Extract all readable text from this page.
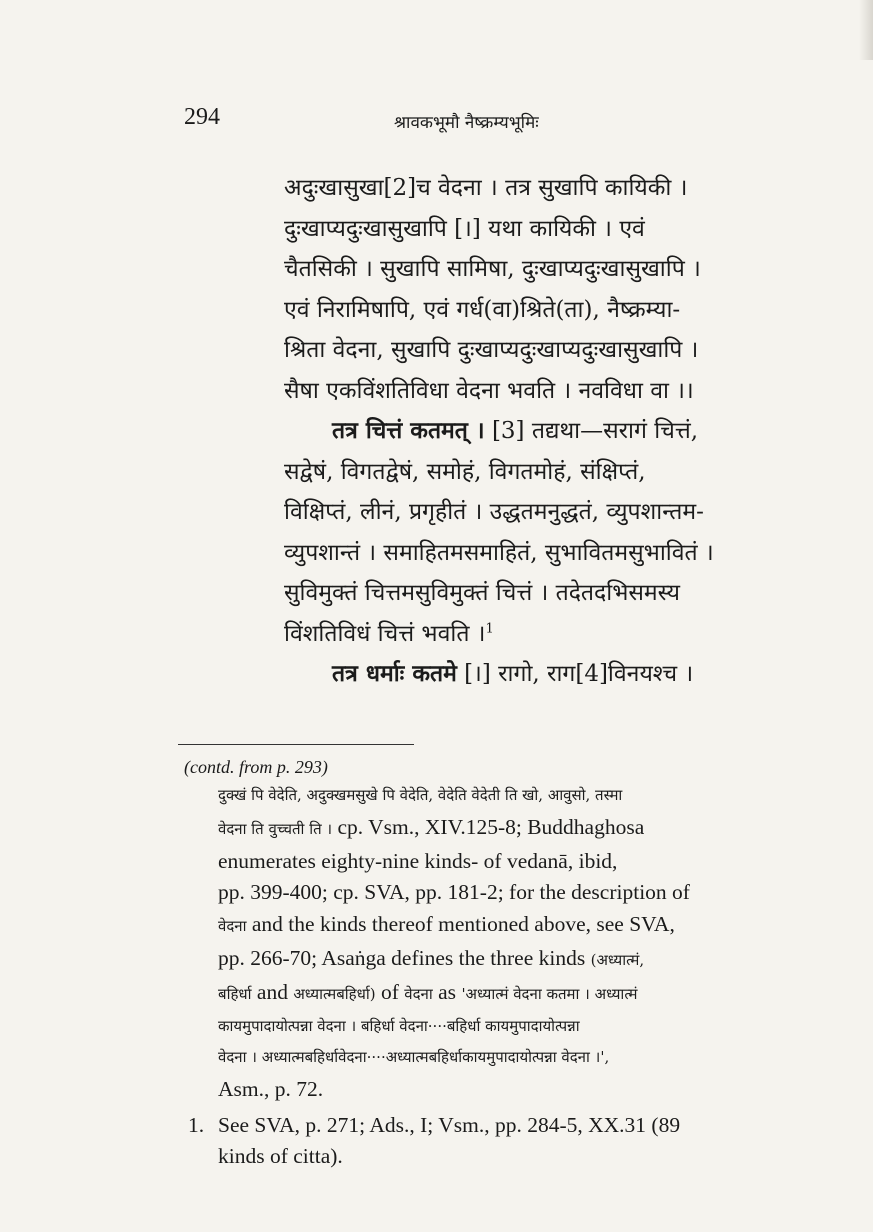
294	श्रावकभूमौ नैष्क्रम्यभूमिः
अदुःखासुखा[2]च वेदना । तत्र सुखापि कायिकी ।
दुःखाप्यदुःखासुखापि [।] यथा कायिकी । एवं
चैतसिकी । सुखापि सामिषा, दुःखाप्यदुःखासुखापि ।
एवं निरामिषापि, एवं गर्ध(वा)श्रिते(ता), नैष्क्रम्या-
श्रिता वेदना, सुखापि दुःखाप्यदुःखाप्यदुःखासुखापि ।
सैषा एकविंशतिविधा वेदना भवति । नवविधा वा ।।
तत्र चित्तं कतमत् । [3] तद्यथा—सरागं चित्तं,
सद्वेषं, विगतद्वेषं, समोहं, विगतमोहं, संक्षिप्तं,
विक्षिप्तं, लीनं, प्रगृहीतं । उद्धतमनुद्धतं, व्युपशान्तम-
व्युपशान्तं । समाहितमसमाहितं, सुभावितमसुभावितं ।
सुविमुक्तं चित्तमसुविमुक्तं चित्तं । तदेतदभिसमस्य
विंशतिविधं चित्तं भवति ।$^1$
तत्र धर्माः कतमे [।] रागो, राग[4]विनयश्च ।
(contd. from p. 293)
दुक्खं पि वेदेति, अदुक्खमसुखे पि वेदेति, वेदेति वेदेती ति खो, आवुसो, तस्मा
वेदना ति वुच्चती ति । cp. Vsm., XIV.125-8; Buddhaghosa
enumerates eighty-nine kinds- of vedanā, ibid,
pp. 399-400; cp. SVA, pp. 181-2; for the description of
वेदना and the kinds thereof mentioned above, see SVA,
pp. 266-70; Asaṅga defines the three kinds (अध्यात्मं,
बहिर्धा and अध्यात्मबहिर्धा) of वेदना as 'अध्यात्मं वेदना कतमा । अध्यात्मं
कायमुपादायोत्पन्ना वेदना । बहिर्धा वेदना····बहिर्धा कायमुपादायोत्पन्ना
वेदना । अध्यात्मबहिर्धावेदना····अध्यात्मबहिर्धाकायमुपादायोत्पन्ना वेदना ।',
Asm., p. 72.
1. See SVA, p. 271; Ads., I; Vsm., pp. 284-5, XX.31 (89
kinds of citta).
